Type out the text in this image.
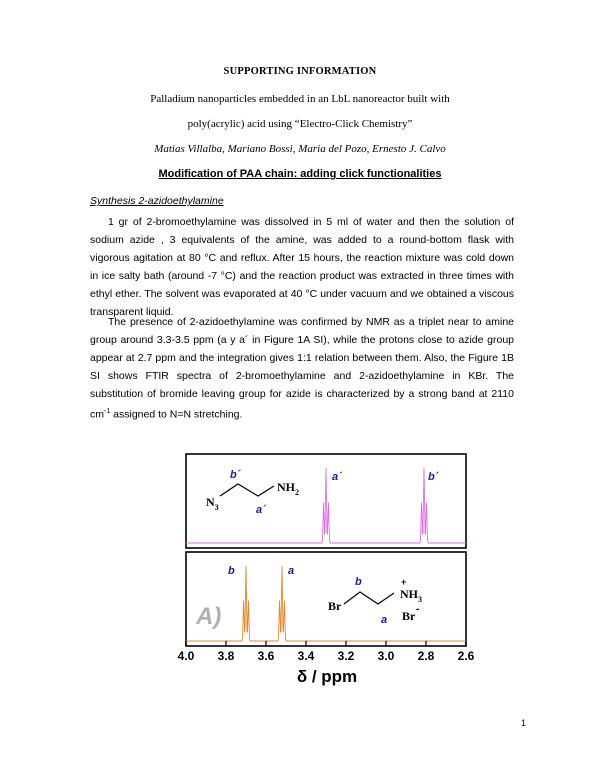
SUPPORTING INFORMATION
Palladium nanoparticles embedded in an LbL nanoreactor built with
poly(acrylic) acid using “Electro-Click Chemistry”
Matias Villalba, Mariano Bossi, Maria del Pozo, Ernesto J. Calvo
Modification of PAA chain: adding click functionalities
Synthesis 2-azidoethylamine
1 gr of 2-bromoethylamine was dissolved in 5 ml of water and then the solution of sodium azide , 3 equivalents of the amine, was added to a round-bottom flask with vigorous agitation at 80 °C and reflux. After 15 hours, the reaction mixture was cold down in ice salty bath (around -7 °C) and the reaction product was extracted in three times with ethyl ether. The solvent was evaporated at 40 °C under vacuum and we obtained a viscous transparent liquid.
The presence of 2-azidoethylamine was confirmed by NMR as a triplet near to amine group around 3.3-3.5 ppm (a y a´ in Figure 1A SI), while the protons close to azide group appear at 2.7 ppm and the integration gives 1:1 relation between them. Also, the Figure 1B SI shows FTIR spectra of 2-bromoethylamine and 2-azidoethylamine in KBr. The substitution of bromide leaving group for azide is characterized by a strong band at 2110 $cm^{-1}$ assigned to N=N stretching.
$N_3$
$NH_2$
b´
a´
a´	b´
b	a
Br
$NH_3$
+
Br -
b
a
A)
4.0 3.8 3.6 3.4 3.2 3.0 2.8 2.6
δ / ppm
1
